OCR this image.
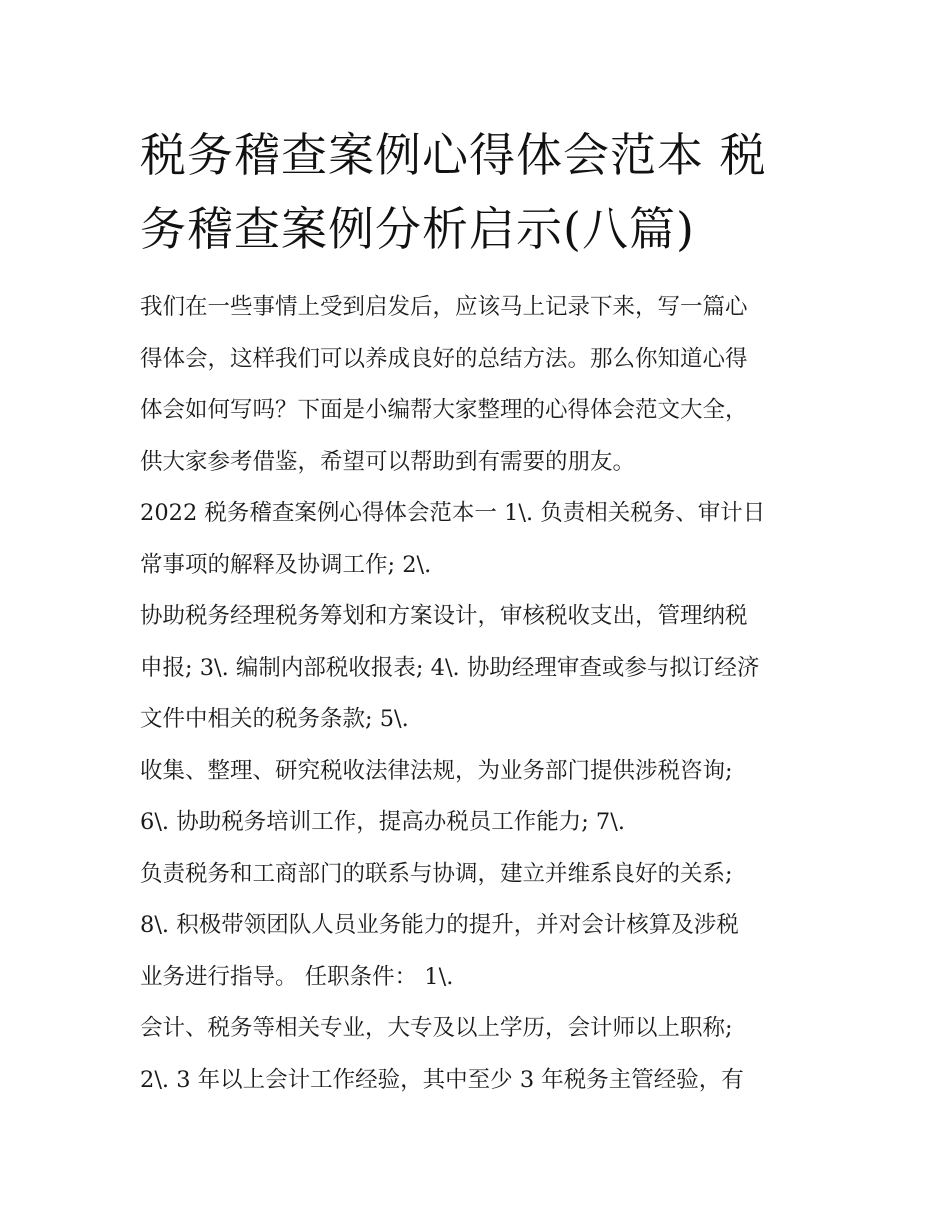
税务稽查案例心得体会范本 税
务稽查案例分析启示(八篇)

我们在一些事情上受到启发后，应该马上记录下来，写一篇心
得体会，这样我们可以养成良好的总结方法。那么你知道心得
体会如何写吗？下面是小编帮大家整理的心得体会范文大全，
供大家参考借鉴，希望可以帮助到有需要的朋友。

2022 税务稽查案例心得体会范本一 1\. 负责相关税务、审计日
常事项的解释及协调工作; 2\.

协助税务经理税务筹划和方案设计，审核税收支出，管理纳税
申报; 3\. 编制内部税收报表; 4\. 协助经理审查或参与拟订经济
文件中相关的税务条款; 5\.

收集、整理、研究税收法律法规，为业务部门提供涉税咨询;
6\. 协助税务培训工作，提高办税员工作能力; 7\.

负责税务和工商部门的联系与协调，建立并维系良好的关系;
8\. 积极带领团队人员业务能力的提升，并对会计核算及涉税
业务进行指导。 任职条件： 1\.

会计、税务等相关专业，大专及以上学历，会计师以上职称;
2\. 3 年以上会计工作经验，其中至少 3 年税务主管经验，有
